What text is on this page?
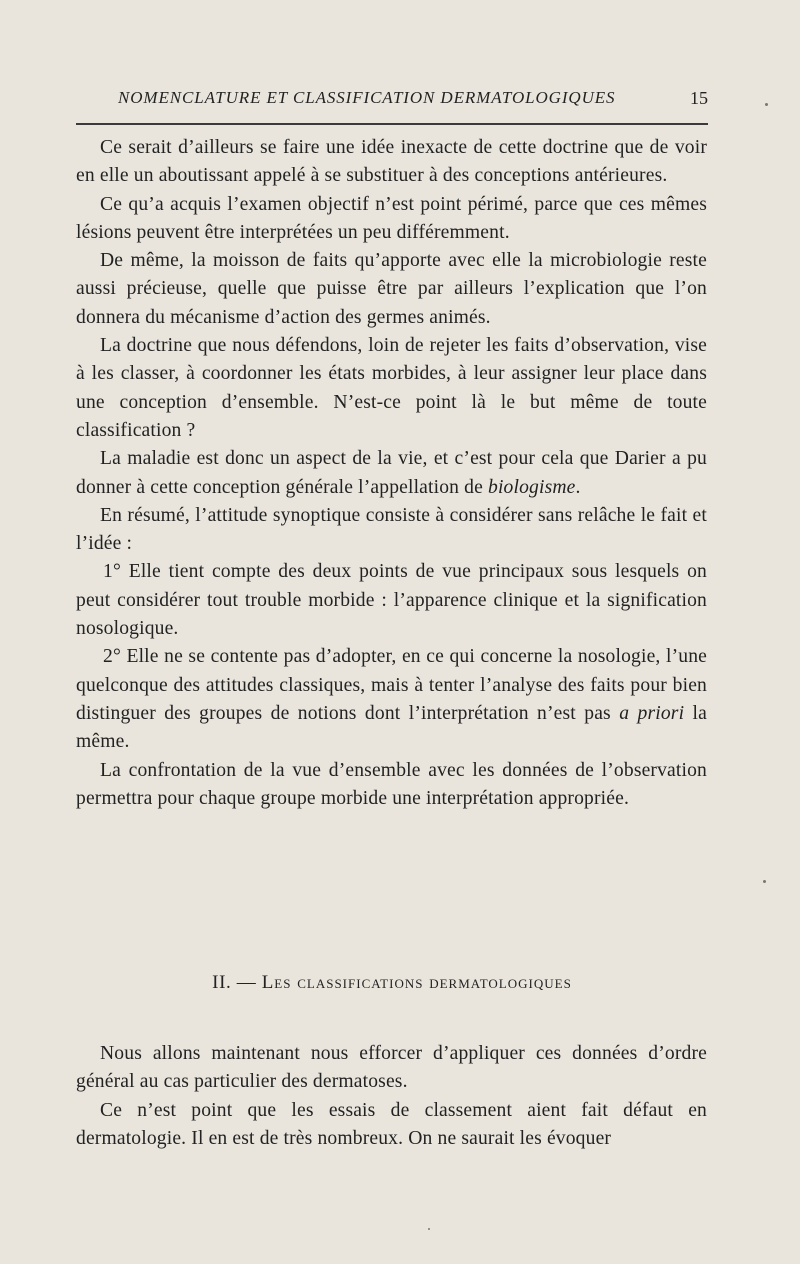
NOMENCLATURE ET CLASSIFICATION DERMATOLOGIQUES	15

Ce serait d’ailleurs se faire une idée inexacte de cette doctrine que de voir en elle un aboutissant appelé à se substituer à des conceptions antérieures.

Ce qu’a acquis l’examen objectif n’est point périmé, parce que ces mêmes lésions peuvent être interprétées un peu différemment.

De même, la moisson de faits qu’apporte avec elle la microbiologie reste aussi précieuse, quelle que puisse être par ailleurs l’explication que l’on donnera du mécanisme d’action des germes animés.

La doctrine que nous défendons, loin de rejeter les faits d’observation, vise à les classer, à coordonner les états morbides, à leur assigner leur place dans une conception d’ensemble. N’est-ce point là le but même de toute classification ?

La maladie est donc un aspect de la vie, et c’est pour cela que Darier a pu donner à cette conception générale l’appellation de biologisme.

En résumé, l’attitude synoptique consiste à considérer sans relâche le fait et l’idée :

1° Elle tient compte des deux points de vue principaux sous lesquels on peut considérer tout trouble morbide : l’apparence clinique et la signification nosologique.

2° Elle ne se contente pas d’adopter, en ce qui concerne la nosologie, l’une quelconque des attitudes classiques, mais à tenter l’analyse des faits pour bien distinguer des groupes de notions dont l’interprétation n’est pas a priori la même.

La confrontation de la vue d’ensemble avec les données de l’observation permettra pour chaque groupe morbide une interprétation appropriée.

II. — Les classifications dermatologiques

Nous allons maintenant nous efforcer d’appliquer ces données d’ordre général au cas particulier des dermatoses.

Ce n’est point que les essais de classement aient fait défaut en dermatologie. Il en est de très nombreux. On ne saurait les évoquer
